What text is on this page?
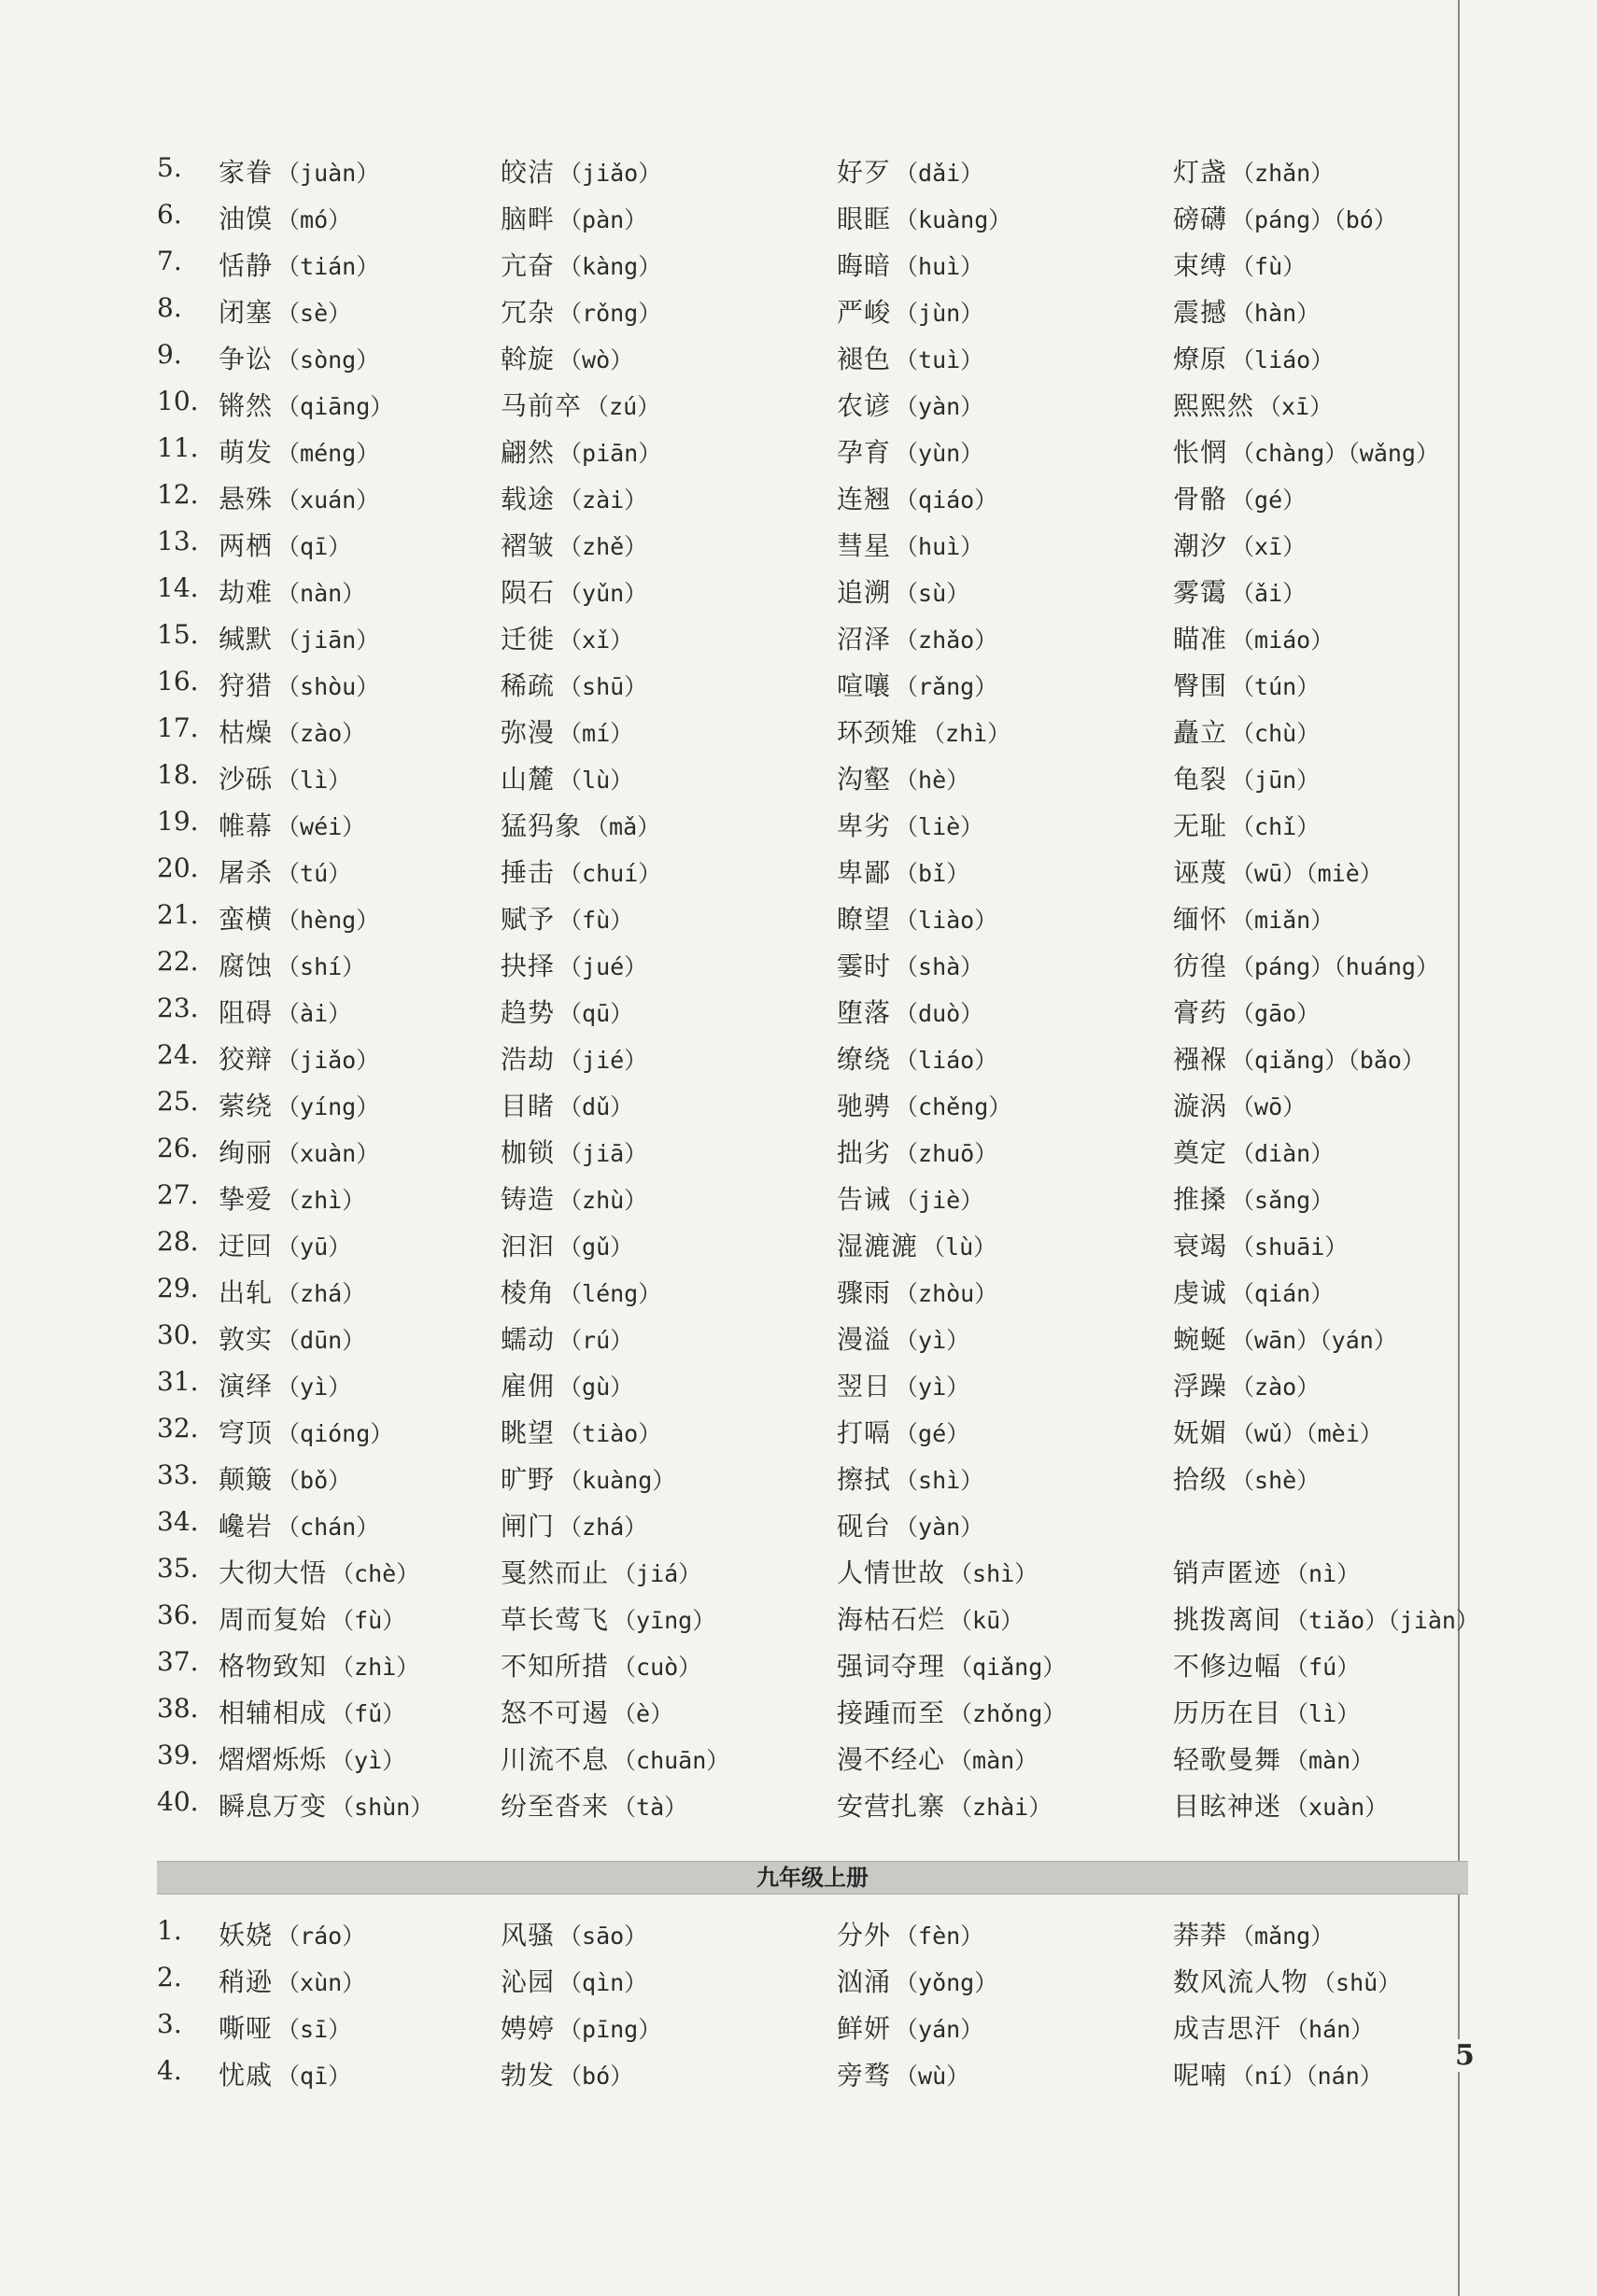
5.	家眷 （juàn）	皎洁 （jiǎo）	好歹 （dǎi）	灯盏 （zhǎn）
6.	油馍 （mó）	脑畔 （pàn）	眼眶 （kuàng）	磅礴 （páng）（bó）
7.	恬静 （tián）	亢奋 （kàng）	晦暗 （huì）	束缚 （fù）
8.	闭塞 （sè）	冗杂 （rǒng）	严峻 （jùn）	震撼 （hàn）
9.	争讼 （sòng）	斡旋 （wò）	褪色 （tuì）	燎原 （liáo）
10. 锵然 （qiāng）	马前卒 （zú）	农谚 （yàn）	熙熙然 （xī）
11. 萌发 （méng）	翩然 （piān）	孕育 （yùn）	怅惘 （chàng）（wǎng）
12. 悬殊 （xuán）	载途 （zài）	连翘 （qiáo）	骨骼 （gé）
13. 两栖 （qī）	褶皱 （zhě）	彗星 （huì）	潮汐 （xī）
14. 劫难 （nàn）	陨石 （yǔn）	追溯 （sù）	雾霭 （ǎi）
15. 缄默 （jiān）	迁徙 （xǐ）	沼泽 （zhǎo）	瞄准 （miáo）
16. 狩猎 （shòu）	稀疏 （shū）	喧嚷 （rǎng）	臀围 （tún）
17. 枯燥 （zào）	弥漫 （mí）	环颈雉 （zhì）	矗立 （chù）
18. 沙砾 （lì）	山麓 （lù）	沟壑 （hè）	龟裂 （jūn）
19. 帷幕 （wéi）	猛犸象 （mǎ）	卑劣 （liè）	无耻 （chǐ）
20. 屠杀 （tú）	捶击 （chuí）	卑鄙 （bǐ）	诬蔑 （wū）（miè）
21. 蛮横 （hèng）	赋予 （fù）	瞭望 （liào）	缅怀 （miǎn）
22. 腐蚀 （shí）	抉择 （jué）	霎时 （shà）	彷徨 （páng）（huáng）
23. 阻碍 （ài）	趋势 （qū）	堕落 （duò）	膏药 （gāo）
24. 狡辩 （jiǎo）	浩劫 （jié）	缭绕 （liáo）	襁褓 （qiǎng）（bǎo）
25. 萦绕 （yíng）	目睹 （dǔ）	驰骋 （chěng）	漩涡 （wō）
26. 绚丽 （xuàn）	枷锁 （jiā）	拙劣 （zhuō）	奠定 （diàn）
27. 挚爱 （zhì）	铸造 （zhù）	告诫 （jiè）	推搡 （sǎng）
28. 迂回 （yū）	汩汩 （gǔ）	湿漉漉 （lù）	衰竭 （shuāi）
29. 出轧 （zhá）	棱角 （léng）	骤雨 （zhòu）	虔诚 （qián）
30. 敦实 （dūn）	蠕动 （rú）	漫溢 （yì）	蜿蜒 （wān）（yán）
31. 演绎 （yì）	雇佣 （gù）	翌日 （yì）	浮躁 （zào）
32. 穹顶 （qióng）	眺望 （tiào）	打嗝 （gé）	妩媚 （wǔ）（mèi）
33. 颠簸 （bǒ）	旷野 （kuàng）	擦拭 （shì）	拾级 （shè）
34. 巉岩 （chán）	闸门 （zhá）	砚台 （yàn）
35. 大彻大悟 （chè）	戛然而止 （jiá）	人情世故 （shì）	销声匿迹 （nì）
36. 周而复始 （fù）	草长莺飞 （yīng）	海枯石烂 （kū）	挑拨离间 （tiǎo）（jiàn）
37. 格物致知 （zhì）	不知所措 （cuò）	强词夺理 （qiǎng）	不修边幅 （fú）
38. 相辅相成 （fǔ）	怒不可遏 （è）	接踵而至 （zhǒng）	历历在目 （lì）
39. 熠熠烁烁 （yì）	川流不息 （chuān）	漫不经心 （màn）	轻歌曼舞 （màn）
40. 瞬息万变 （shùn）	纷至沓来 （tà）	安营扎寨 （zhài）	目眩神迷 （xuàn）
九年级上册
1.	妖娆 （ráo）	风骚 （sāo）	分外 （fèn）	莽莽 （mǎng）
2.	稍逊 （xùn）	沁园 （qìn）	汹涌 （yǒng）	数风流人物 （shǔ）
3.	嘶哑 （sī）	娉婷 （pīng）	鲜妍 （yán）	成吉思汗 （hán）
4.	忧戚 （qī）	勃发 （bó）	旁骛 （wù）	呢喃 （ní）（nán）
5
